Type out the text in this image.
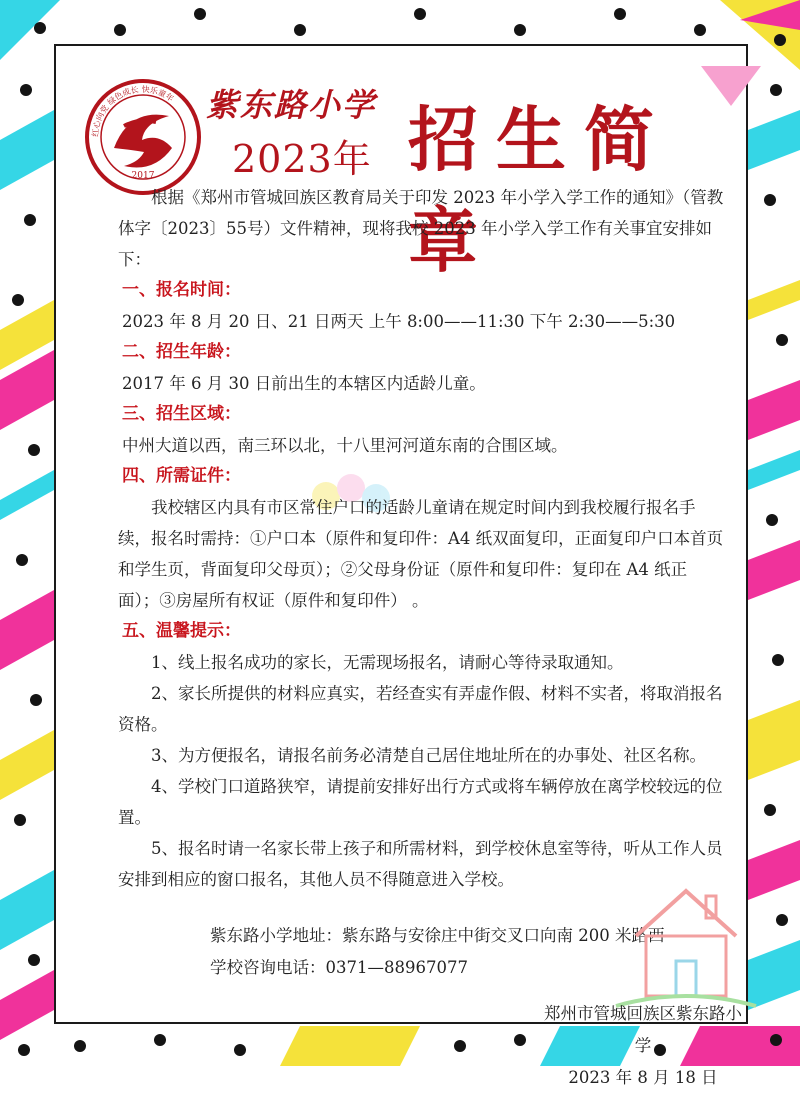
2017
红心向党 绿色成长 快乐童年 紫东路小学
2023年 招生简章

根据《郑州市管城回族区教育局关于印发 2023 年小学入学工作的通知》（管教体字〔2023〕55号）文件精神，现将我校 2023 年小学入学工作有关事宜安排如下：

一、报名时间：

2023 年 8 月 20 日、21 日两天 上午 8:00——11:30 下午 2:30——5:30

二、招生年龄：

2017 年 6 月 30 日前出生的本辖区内适龄儿童。

三、招生区域：

中州大道以西，南三环以北，十八里河河道东南的合围区域。

四、所需证件：

我校辖区内具有市区常住户口的适龄儿童请在规定时间内到我校履行报名手续，报名时需持：①户口本（原件和复印件：A4 纸双面复印，正面复印户口本首页和学生页，背面复印父母页）；②父母身份证（原件和复印件：复印在 A4 纸正面）；③房屋所有权证（原件和复印件） 。

五、温馨提示：

1、线上报名成功的家长，无需现场报名，请耐心等待录取通知。

2、家长所提供的材料应真实，若经查实有弄虚作假、材料不实者，将取消报名资格。

3、为方便报名，请报名前务必清楚自己居住地址所在的办事处、社区名称。

4、学校门口道路狭窄，请提前安排好出行方式或将车辆停放在离学校较远的位置。

5、报名时请一名家长带上孩子和所需材料，到学校休息室等待，听从工作人员安排到相应的窗口报名，其他人员不得随意进入学校。

紫东路小学地址：紫东路与安徐庄中街交叉口向南 200 米路西
学校咨询电话：0371—88967077
郑州市管城回族区紫东路小学
2023 年 8 月 18 日
